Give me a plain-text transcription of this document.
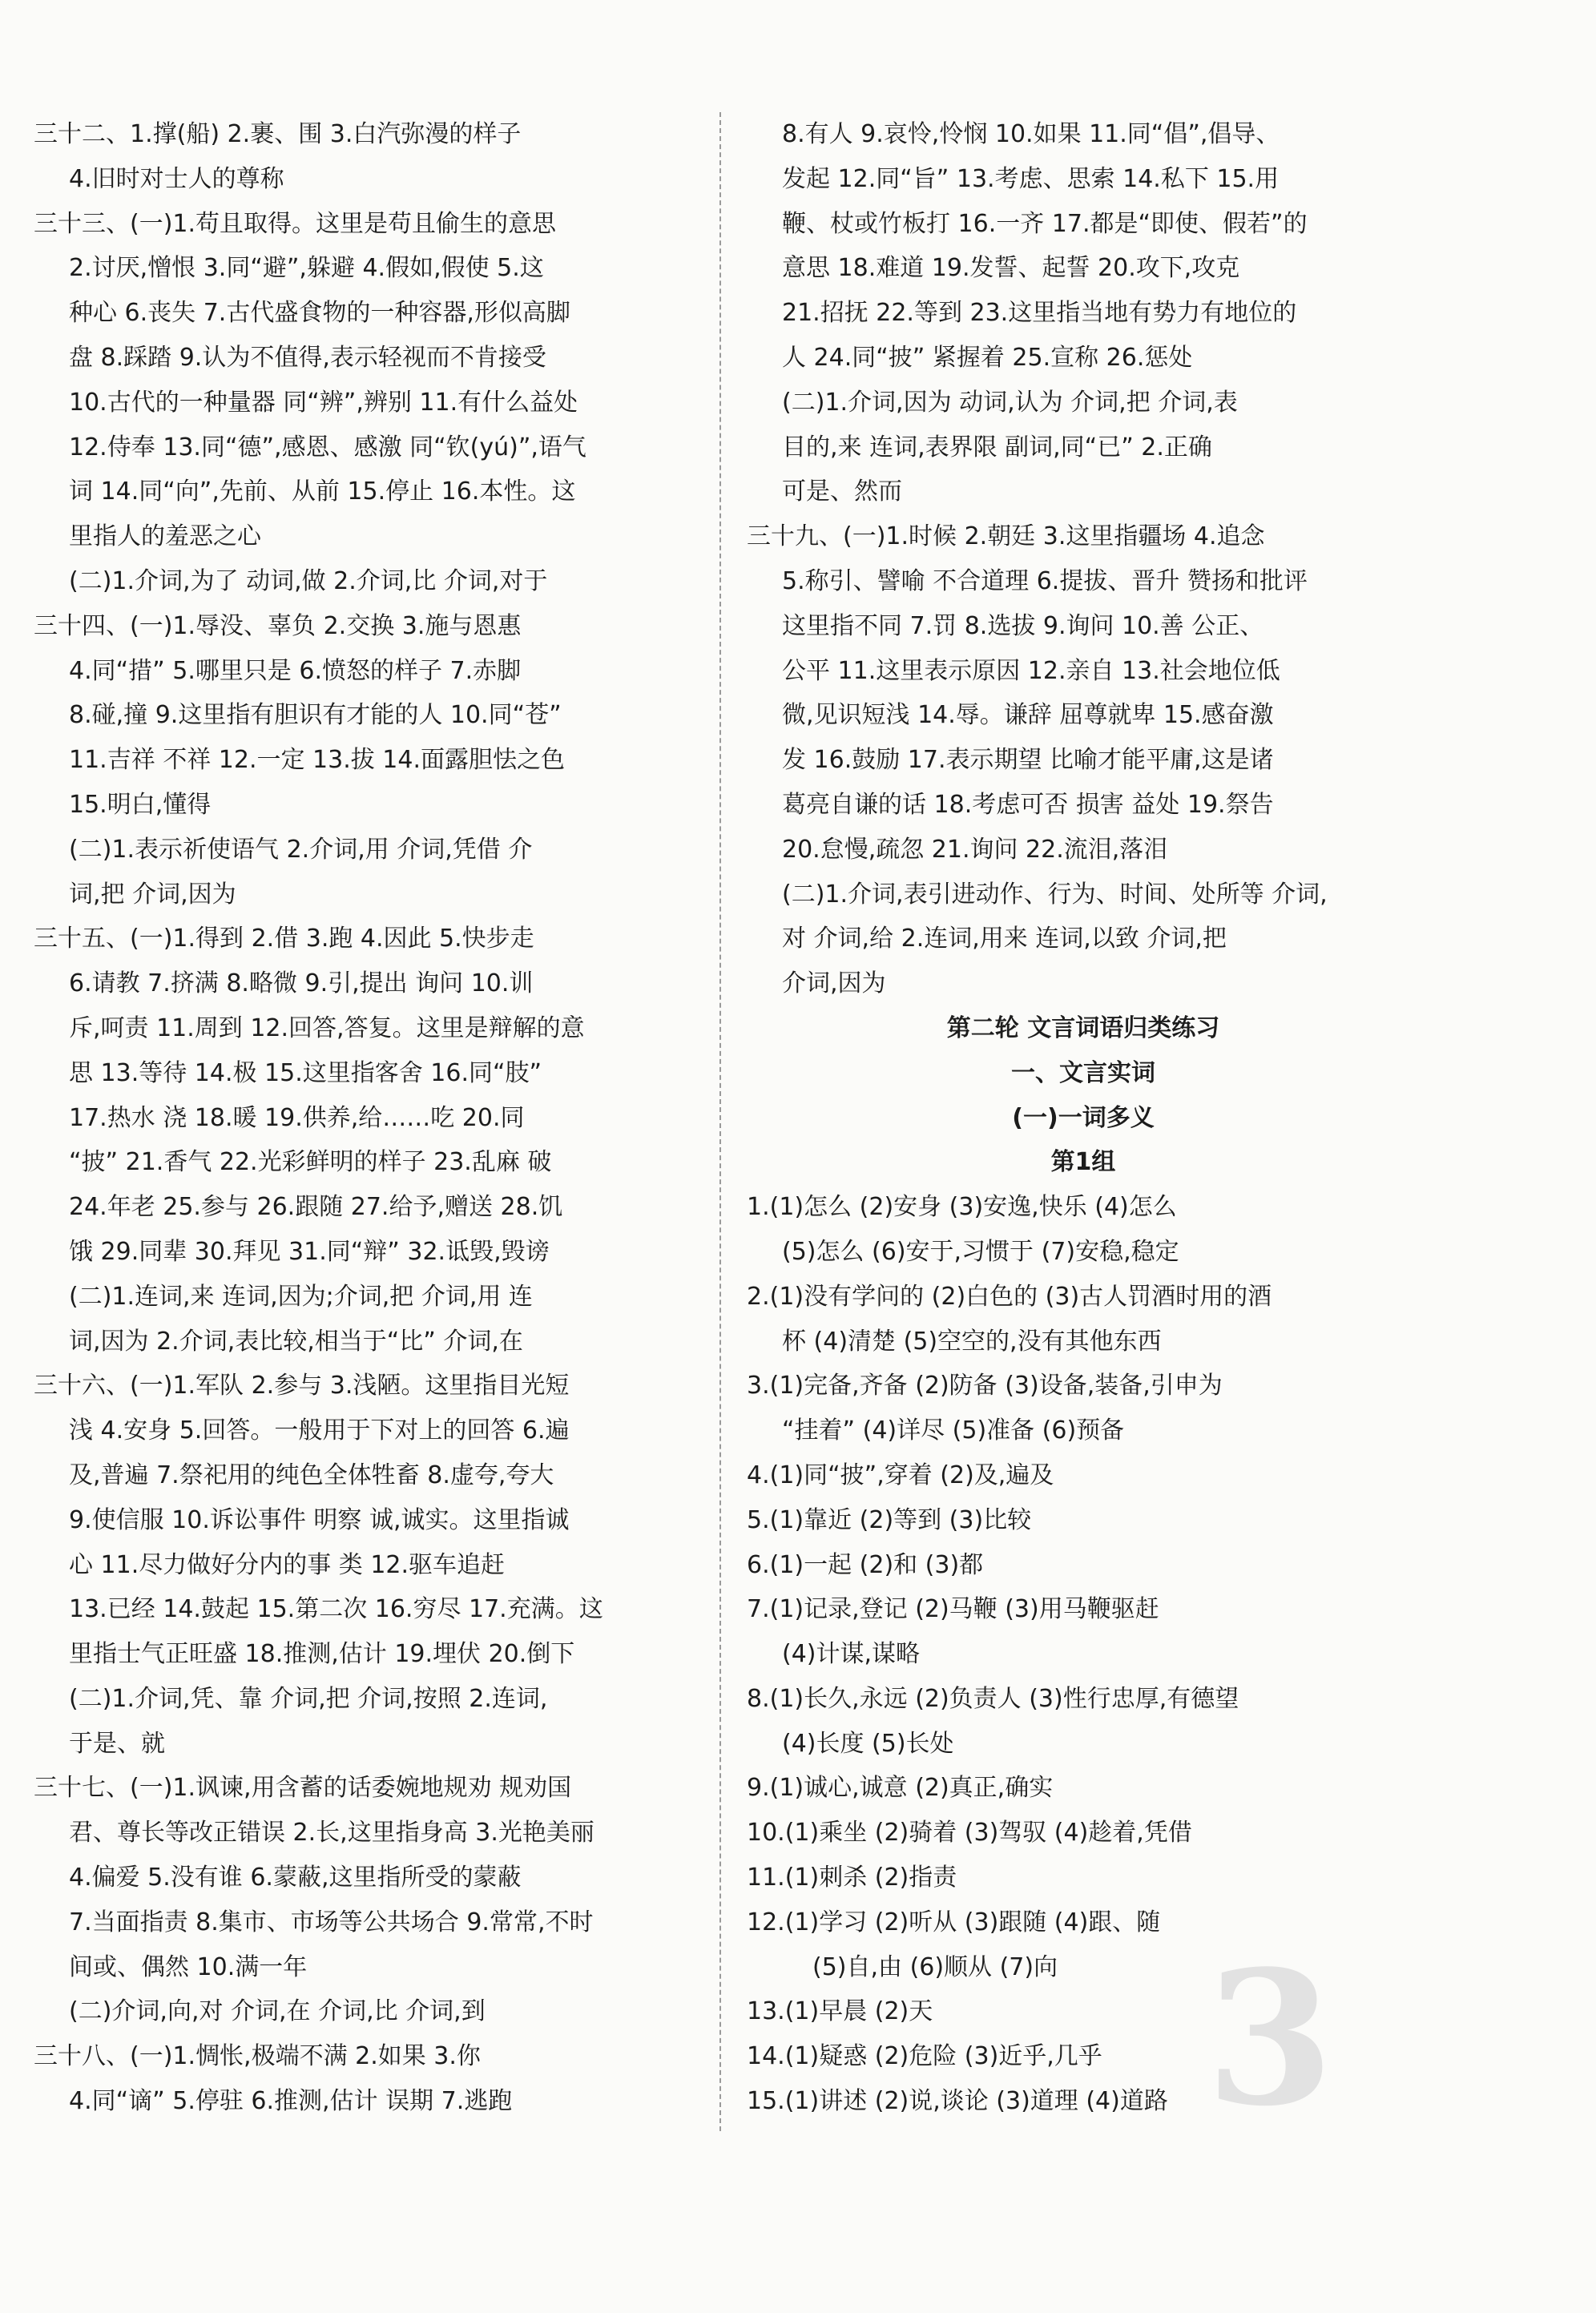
三十二、1.撑(船) 2.裹、围 3.白汽弥漫的样子
4.旧时对士人的尊称
三十三、(一)1.苟且取得。这里是苟且偷生的意思
2.讨厌,憎恨 3.同“避”,躲避 4.假如,假使 5.这
种心 6.丧失 7.古代盛食物的一种容器,形似高脚
盘 8.踩踏 9.认为不值得,表示轻视而不肯接受
10.古代的一种量器 同“辨”,辨别 11.有什么益处
12.侍奉 13.同“德”,感恩、感激 同“钦(yú)”,语气
词 14.同“向”,先前、从前 15.停止 16.本性。这
里指人的羞恶之心
(二)1.介词,为了 动词,做 2.介词,比 介词,对于
三十四、(一)1.辱没、辜负 2.交换 3.施与恩惠
4.同“措” 5.哪里只是 6.愤怒的样子 7.赤脚
8.碰,撞 9.这里指有胆识有才能的人 10.同“苍”
11.吉祥 不祥 12.一定 13.拔 14.面露胆怯之色
15.明白,懂得
(二)1.表示祈使语气 2.介词,用 介词,凭借 介
词,把 介词,因为
三十五、(一)1.得到 2.借 3.跑 4.因此 5.快步走
6.请教 7.挤满 8.略微 9.引,提出 询问 10.训
斥,呵责 11.周到 12.回答,答复。这里是辩解的意
思 13.等待 14.极 15.这里指客舍 16.同“肢”
17.热水 浇 18.暖 19.供养,给……吃 20.同
“披” 21.香气 22.光彩鲜明的样子 23.乱麻 破
24.年老 25.参与 26.跟随 27.给予,赠送 28.饥
饿 29.同辈 30.拜见 31.同“辩” 32.诋毁,毁谤
(二)1.连词,来 连词,因为;介词,把 介词,用 连
词,因为 2.介词,表比较,相当于“比” 介词,在
三十六、(一)1.军队 2.参与 3.浅陋。这里指目光短
浅 4.安身 5.回答。一般用于下对上的回答 6.遍
及,普遍 7.祭祀用的纯色全体牲畜 8.虚夸,夸大
9.使信服 10.诉讼事件 明察 诚,诚实。这里指诚
心 11.尽力做好分内的事 类 12.驱车追赶
13.已经 14.鼓起 15.第二次 16.穷尽 17.充满。这
里指士气正旺盛 18.推测,估计 19.埋伏 20.倒下
(二)1.介词,凭、靠 介词,把 介词,按照 2.连词,
于是、就
三十七、(一)1.讽谏,用含蓄的话委婉地规劝 规劝国
君、尊长等改正错误 2.长,这里指身高 3.光艳美丽
4.偏爱 5.没有谁 6.蒙蔽,这里指所受的蒙蔽
7.当面指责 8.集市、市场等公共场合 9.常常,不时
间或、偶然 10.满一年
(二)介词,向,对 介词,在 介词,比 介词,到
三十八、(一)1.惆怅,极端不满 2.如果 3.你
4.同“谪” 5.停驻 6.推测,估计 误期 7.逃跑
8.有人 9.哀怜,怜悯 10.如果 11.同“倡”,倡导、
发起 12.同“旨” 13.考虑、思索 14.私下 15.用
鞭、杖或竹板打 16.一齐 17.都是“即使、假若”的
意思 18.难道 19.发誓、起誓 20.攻下,攻克
21.招抚 22.等到 23.这里指当地有势力有地位的
人 24.同“披” 紧握着 25.宣称 26.惩处
(二)1.介词,因为 动词,认为 介词,把 介词,表
目的,来 连词,表界限 副词,同“已” 2.正确
可是、然而
三十九、(一)1.时候 2.朝廷 3.这里指疆场 4.追念
5.称引、譬喻 不合道理 6.提拔、晋升 赞扬和批评
这里指不同 7.罚 8.选拔 9.询问 10.善 公正、
公平 11.这里表示原因 12.亲自 13.社会地位低
微,见识短浅 14.辱。谦辞 屈尊就卑 15.感奋激
发 16.鼓励 17.表示期望 比喻才能平庸,这是诸
葛亮自谦的话 18.考虑可否 损害 益处 19.祭告
20.怠慢,疏忽 21.询问 22.流泪,落泪
(二)1.介词,表引进动作、行为、时间、处所等 介词,
对 介词,给 2.连词,用来 连词,以致 介词,把
介词,因为
第二轮 文言词语归类练习
一、文言实词
(一)一词多义
第1组
1.(1)怎么 (2)安身 (3)安逸,快乐 (4)怎么
(5)怎么 (6)安于,习惯于 (7)安稳,稳定
2.(1)没有学问的 (2)白色的 (3)古人罚酒时用的酒
杯 (4)清楚 (5)空空的,没有其他东西
3.(1)完备,齐备 (2)防备 (3)设备,装备,引申为
“挂着” (4)详尽 (5)准备 (6)预备
4.(1)同“披”,穿着 (2)及,遍及
5.(1)靠近 (2)等到 (3)比较
6.(1)一起 (2)和 (3)都
7.(1)记录,登记 (2)马鞭 (3)用马鞭驱赶
(4)计谋,谋略
8.(1)长久,永远 (2)负责人 (3)性行忠厚,有德望
(4)长度 (5)长处
9.(1)诚心,诚意 (2)真正,确实
10.(1)乘坐 (2)骑着 (3)驾驭 (4)趁着,凭借
11.(1)刺杀 (2)指责
12.(1)学习 (2)听从 (3)跟随 (4)跟、随
(5)自,由 (6)顺从 (7)向
13.(1)早晨 (2)天
14.(1)疑惑 (2)危险 (3)近乎,几乎
15.(1)讲述 (2)说,谈论 (3)道理 (4)道路 3
